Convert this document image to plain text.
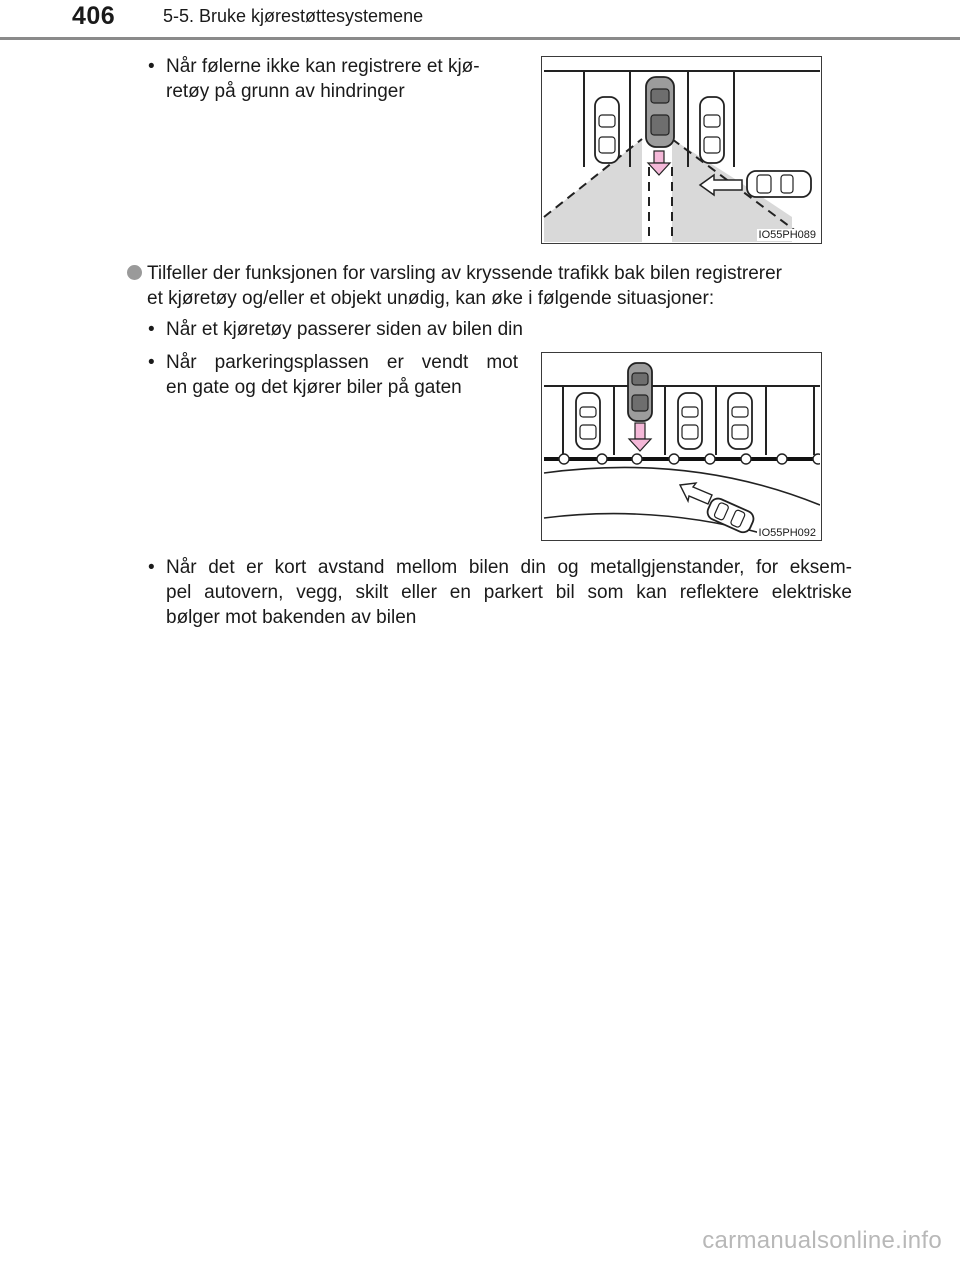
406	5-5. Bruke kjørestøttesystemene
• Når følerne ikke kan registrere et kjø-
retøy på grunn av hindringer
IO55PH089
Tilfeller der funksjonen for varsling av kryssende trafikk bak bilen registrerer
et kjøretøy og/eller et objekt unødig, kan øke i følgende situasjoner:
• Når et kjøretøy passerer siden av bilen din
• Når parkeringsplassen er vendt mot
en gate og det kjører biler på gaten
IO55PH092
• Når det er kort avstand mellom bilen din og metallgjenstander, for eksem-
pel autovern, vegg, skilt eller en parkert bil som kan reflektere elektriske
bølger mot bakenden av bilen
carmanualsonline.info
